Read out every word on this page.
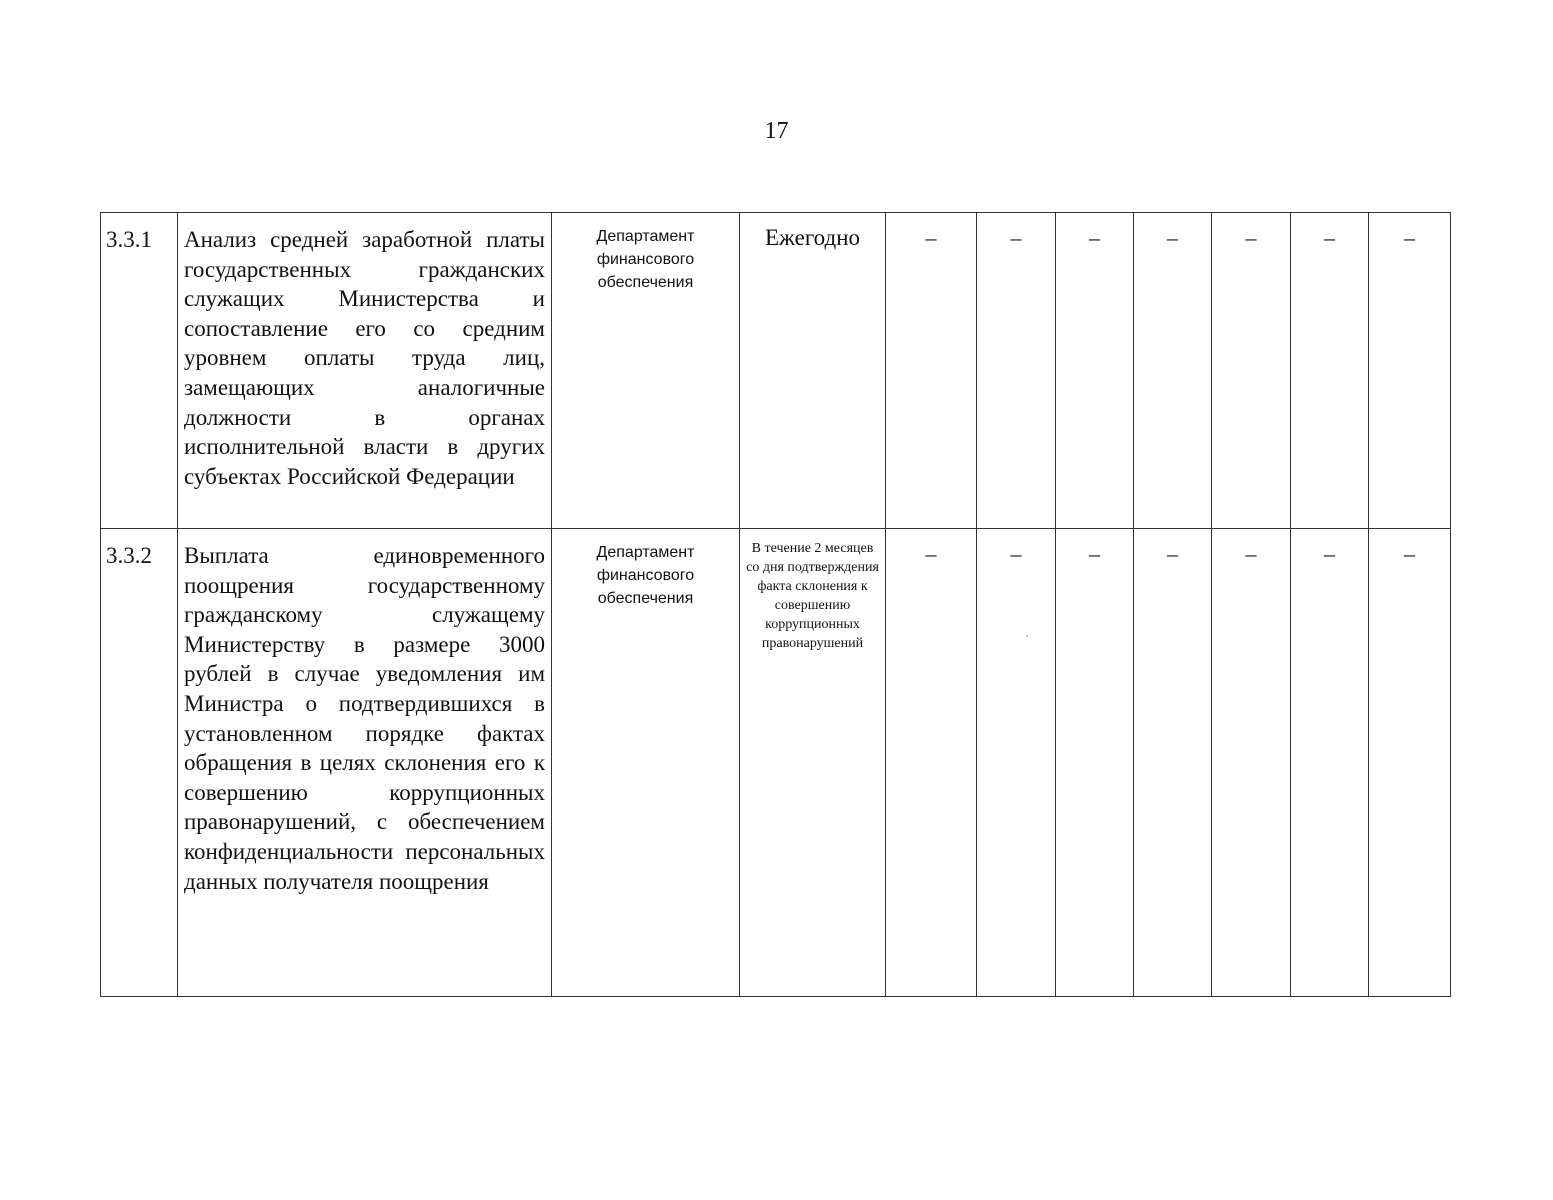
17
3.3.1	Анализ средней заработной платы государственных гражданских служащих Министерства и сопоставление его со средним уровнем оплаты труда лиц, замещающих аналогичные должности в органах исполнительной власти в других субъектах Российской Федерации	Департамент финансового обеспечения	Ежегодно	–	–	–	–	–	–	–
3.3.2	Выплата единовременного поощрения государственному гражданскому служащему Министерству в размере 3000 рублей в случае уведомления им Министра о подтвердившихся в установленном порядке фактах обращения в целях склонения его к совершению коррупционных правонарушений, с обеспечением конфиденциальности персональных данных получателя поощрения	Департамент финансового обеспечения	В течение 2 месяцев со дня подтверждения факта склонения к совершению коррупционных правонарушений	–	–	–	–	–	–	–
